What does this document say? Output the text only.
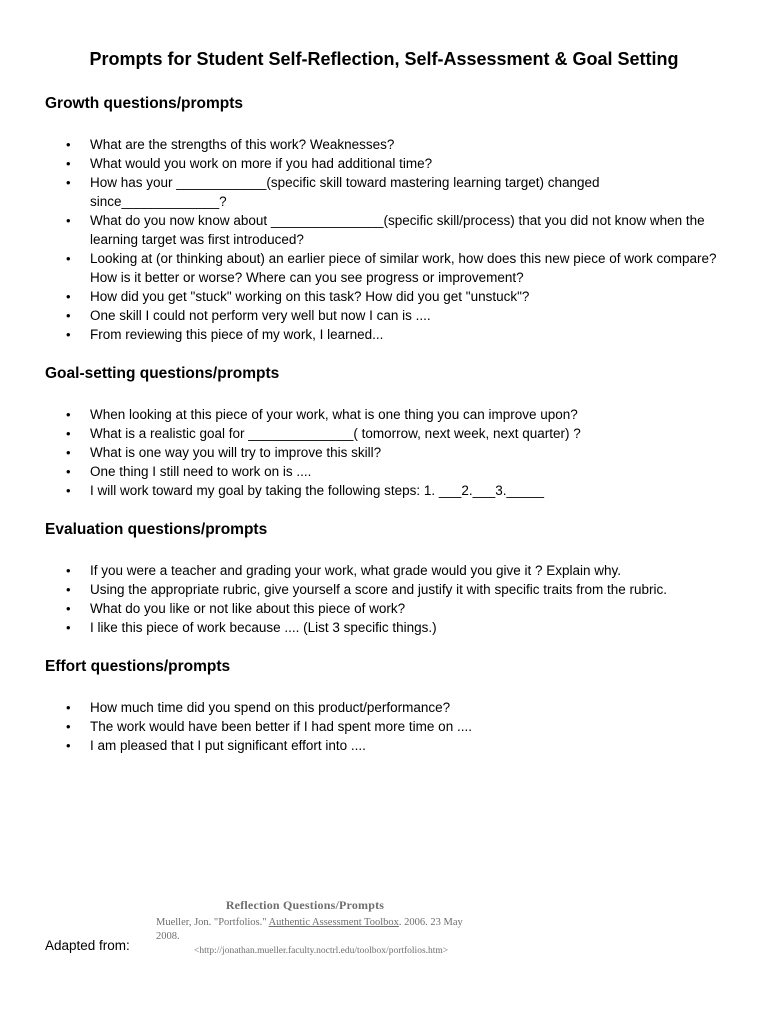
Prompts for Student Self-Reflection, Self-Assessment & Goal Setting
Growth questions/prompts
• What are the strengths of this work? Weaknesses?
• What would you work on more if you had additional time?
• How has your ____________(specific skill toward mastering learning target) changed since_____________?
• What do you now know about _______________(specific skill/process) that you did not know when the learning target was first introduced?
• Looking at (or thinking about) an earlier piece of similar work, how does this new piece of work compare? How is it better or worse? Where can you see progress or improvement?
• How did you get "stuck" working on this task? How did you get "unstuck"?
• One skill I could not perform very well but now I can is ....
• From reviewing this piece of my work, I learned...
Goal-setting questions/prompts
• When looking at this piece of your work, what is one thing you can improve upon?
• What is a realistic goal for ______________( tomorrow, next week, next quarter) ?
• What is one way you will try to improve this skill?
• One thing I still need to work on is ....
• I will work toward my goal by taking the following steps: 1. ___2.___3._____
Evaluation questions/prompts
• If you were a teacher and grading your work, what grade would you give it ? Explain why.
• Using the appropriate rubric, give yourself a score and justify it with specific traits from the rubric.
• What do you like or not like about this piece of work?
• I like this piece of work because .... (List 3 specific things.)
Effort questions/prompts
• How much time did you spend on this product/performance?
• The work would have been better if I had spent more time on ....
• I am pleased that I put significant effort into ....
Reflection Questions/Prompts
Mueller, Jon. "Portfolios." Authentic Assessment Toolbox. 2006. 23 May 2008.
<http://jonathan.mueller.faculty.noctrl.edu/toolbox/portfolios.htm>
Adapted from:
